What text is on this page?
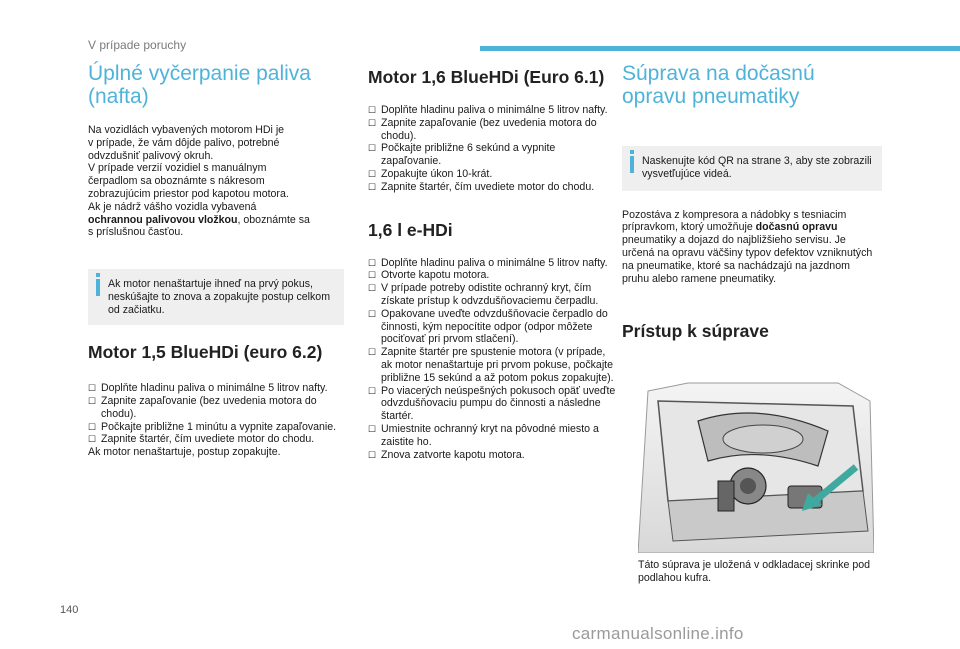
V prípade poruchy
Úplné vyčerpanie paliva (nafta)
Na vozidlách vybavených motorom HDi je
v prípade, že vám dôjde palivo, potrebné
odvzdušniť palivový okruh.
V prípade verzií vozidiel s manuálnym
čerpadlom sa oboznámte s nákresom
zobrazujúcim priestor pod kapotou motora.
Ak je nádrž vášho vozidla vybavená
ochrannou palivovou vložkou, oboznámte sa
s príslušnou časťou.
Ak motor nenaštartuje ihneď na prvý pokus, neskúšajte to znova a zopakujte postup celkom od začiatku.
Motor 1,5 BlueHDi (euro 6.2)
☐ Doplňte hladinu paliva o minimálne 5 litrov nafty.
☐ Zapnite zapaľovanie (bez uvedenia motora do chodu).
☐ Počkajte približne 1 minútu a vypnite zapaľovanie.
☐ Zapnite štartér, čím uvediete motor do chodu.
Ak motor nenaštartuje, postup zopakujte.
Motor 1,6 BlueHDi (Euro 6.1)
☐ Doplňte hladinu paliva o minimálne 5 litrov nafty.
☐ Zapnite zapaľovanie (bez uvedenia motora do chodu).
☐ Počkajte približne 6 sekúnd a vypnite zapaľovanie.
☐ Zopakujte úkon 10-krát.
☐ Zapnite štartér, čím uvediete motor do chodu.
1,6 l e-HDi
☐ Doplňte hladinu paliva o minimálne 5 litrov nafty.
☐ Otvorte kapotu motora.
☐ V prípade potreby odistite ochranný kryt, čím získate prístup k odvzdušňovaciemu čerpadlu.
☐ Opakovane uveďte odvzdušňovacie čerpadlo do činnosti, kým nepocítite odpor (odpor môžete pociťovať pri prvom stlačení).
☐ Zapnite štartér pre spustenie motora (v prípade, ak motor nenaštartuje pri prvom pokuse, počkajte približne 15 sekúnd a až potom pokus zopakujte).
☐ Po viacerých neúspešných pokusoch opäť uveďte odvzdušňovaciu pumpu do činnosti a následne štartér.
☐ Umiestnite ochranný kryt na pôvodné miesto a zaistite ho.
☐ Znova zatvorte kapotu motora.
Súprava na dočasnú opravu pneumatiky
Naskenujte kód QR na strane 3, aby ste zobrazili vysvetľujúce videá.
Pozostáva z kompresora a nádobky s tesniacim prípravkom, ktorý umožňuje dočasnú opravu pneumatiky a dojazd do najbližšieho servisu. Je určená na opravu väčšiny typov defektov vzniknutých na pneumatike, ktoré sa nachádzajú na jazdnom pruhu alebo ramene pneumatiky.
Prístup k súprave
Táto súprava je uložená v odkladacej skrinke pod podlahou kufra.
140
carmanualsonline.info
